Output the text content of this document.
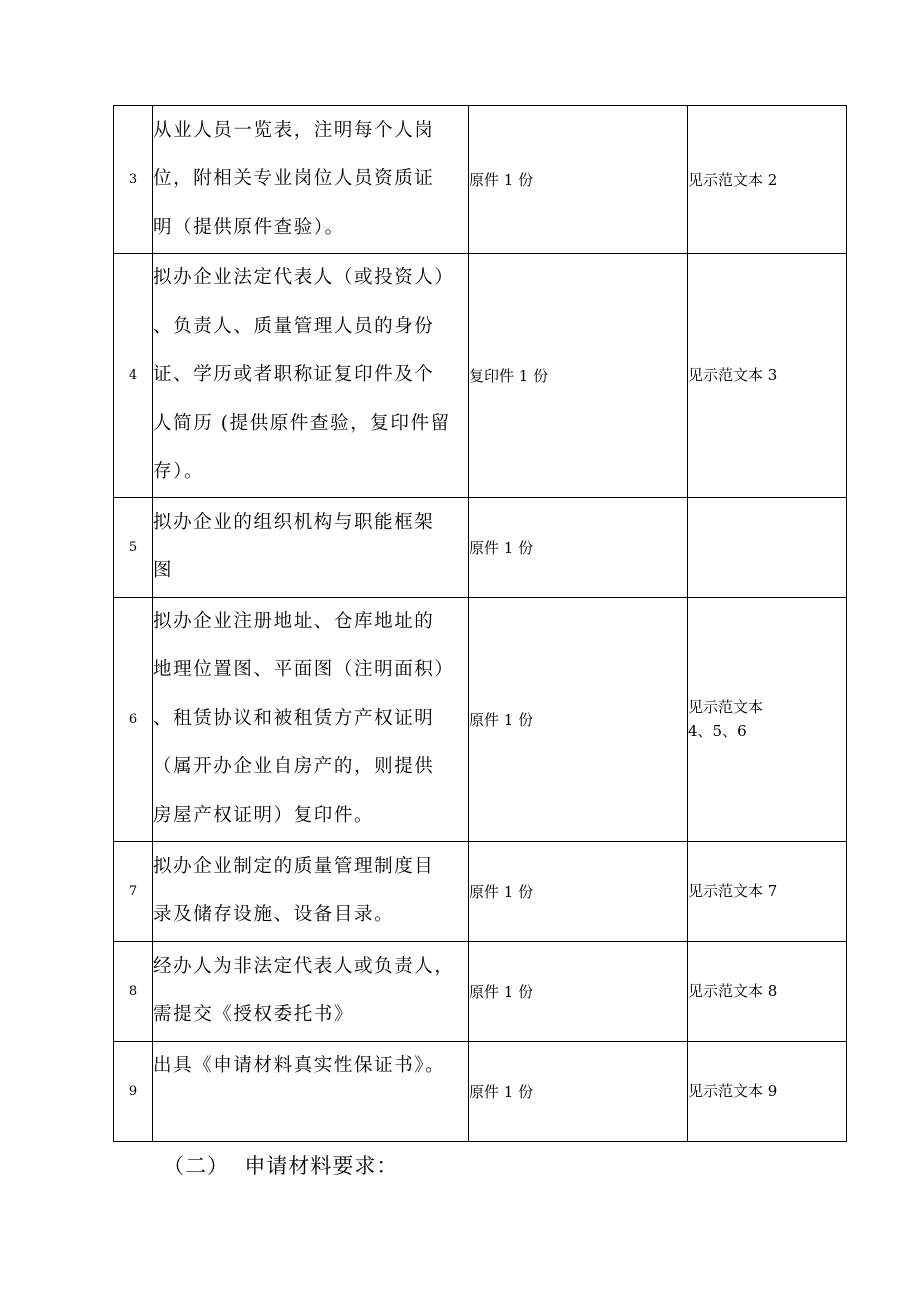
3	从业人员一览表，注明每个人岗
位，附相关专业岗位人员资质证
明（提供原件查验）。	原件 1 份	见示范文本 2

4	拟办企业法定代表人（或投资人）
、负责人、质量管理人员的身份
证、学历或者职称证复印件及个
人简历 (提供原件查验，复印件留
存）。	复印件 1 份	见示范文本 3

5	拟办企业的组织机构与职能框架
图	原件 1 份	
6	拟办企业注册地址、仓库地址的
地理位置图、平面图（注明面积）
、租赁协议和被租赁方产权证明
（属开办企业自房产的，则提供
房屋产权证明）复印件。	原件 1 份	见示范文本
4、5、6

7	拟办企业制定的质量管理制度目
录及储存设施、设备目录。	原件 1 份	见示范文本 7

8	经办人为非法定代表人或负责人，
需提交《授权委托书》	原件 1 份	见示范文本 8

9	出具《申请材料真实性保证书》。	原件 1 份	见示范文本 9
（二）  申请材料要求：
